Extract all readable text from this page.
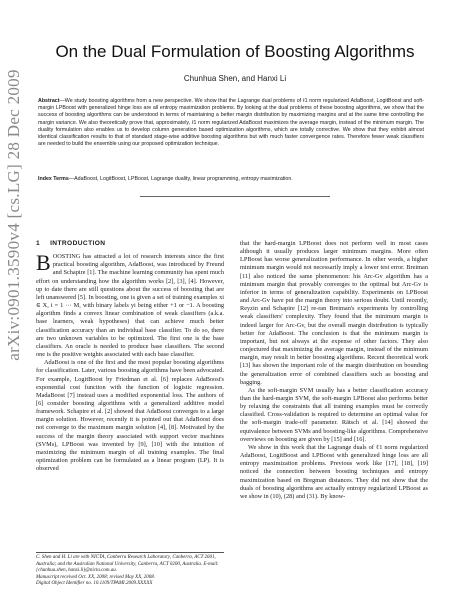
arXiv:0901.3590v4 [cs.LG] 28 Dec 2009
On the Dual Formulation of Boosting Algorithms
Chunhua Shen, and Hanxi Li

Abstract—We study boosting algorithms from a new perspective. We show that the Lagrange dual problems of ℓ1 norm regularized AdaBoost, LogitBoost and soft-margin LPBoost with generalized hinge loss are all entropy maximization problems. By looking at the dual problems of these boosting algorithms, we show that the success of boosting algorithms can be understood in terms of maintaining a better margin distribution by maximizing margins and at the same time controlling the margin variance. We also theoretically prove that, approximately, ℓ1 norm regularized AdaBoost maximizes the average margin, instead of the minimum margin. The duality formulation also enables us to develop column generation based optimization algorithms, which are totally corrective. We show that they exhibit almost identical classification results to that of standard stage-wise additive boosting algorithms but with much faster convergence rates. Therefore fewer weak classifiers are needed to build the ensemble using our proposed optimization technique.

Index Terms—AdaBoost, LogitBoost, LPBoost, Lagrange duality, linear programming, entropy maximization.

1 INTRODUCTION

BOOSTING has attracted a lot of research interests since the first practical boosting algorithm, AdaBoost, was introduced by Freund and Schapire [1]. The machine learning community has spent much effort on understanding how the algorithm works [2], [3], [4]. However, up to date there are still questions about the success of boosting that are left unanswered [5]. In boosting, one is given a set of training examples xi ∈ X, i = 1 ··· M, with binary labels yi being either +1 or −1. A boosting algorithm finds a convex linear combination of weak classifiers (a.k.a. base learners, weak hypotheses) that can achieve much better classification accuracy than an individual base classifier. To do so, there are two unknown variables to be optimized. The first one is the base classifiers. An oracle is needed to produce base classifiers. The second one is the positive weights associated with each base classifier.

AdaBoost is one of the first and the most popular boosting algorithms for classification. Later, various boosting algorithms have been advocated. For example, LogitBoost by Friedman et al. [6] replaces AdaBoost's exponential cost function with the function of logistic regression. MadaBoost [7] instead uses a modified exponential loss. The authors of [6] consider boosting algorithms with a generalized additive model framework. Schapire et al. [2] showed that AdaBoost converges to a large margin solution. However, recently it is pointed out that AdaBoost does not converge to the maximum margin solution [4], [8]. Motivated by the success of the margin theory associated with support vector machines (SVMs), LPBoost was invented by [9], [10] with the intuition of maximizing the minimum margin of all training examples. The final optimization problem can be formulated as a linear program (LP). It is observed

C. Shen and H. Li are with NICTA, Canberra Research Laboratory, Canberra, ACT 2601, Australia; and the Australian National University, Canberra, ACT 0200, Australia. E-mail: {chunhua.shen, hanxi.li}@nicta.com.au.
Manuscript received Oct. XX, 2008; revised May XX, 2008.
Digital Object Identifier no. 10.1109/TPAMI.2009.XXXXX

that the hard-margin LPBoost does not perform well in most cases although it usually produces larger minimum margins. More often LPBoost has worse generalization performance. In other words, a higher minimum margin would not necessarily imply a lower test error. Breiman [11] also noticed the same phenomenon: his Arc-Gv algorithm has a minimum margin that provably converges to the optimal but Arc-Gv is inferior in terms of generalization capability. Experiments on LPBoost and Arc-Gv have put the margin theory into serious doubt. Until recently, Reyzin and Schapire [12] re-ran Breiman's experiments by controlling weak classifiers' complexity. They found that the minimum margin is indeed larger for Arc-Gv, but the overall margin distribution is typically better for AdaBoost. The conclusion is that the minimum margin is important, but not always at the expense of other factors. They also conjectured that maximizing the average margin, instead of the minimum margin, may result in better boosting algorithms. Recent theoretical work [13] has shown the important role of the margin distribution on bounding the generalization error of combined classifiers such as boosting and bagging.

As the soft-margin SVM usually has a better classification accuracy than the hard-margin SVM, the soft-margin LPBoost also performs better by relaxing the constraints that all training examples must be correctly classified. Cross-validation is required to determine an optimal value for the soft-margin trade-off parameter. Rätsch et al. [14] showed the equivalence between SVMs and boosting-like algorithms. Comprehensive overviews on boosting are given by [15] and [16].

We show in this work that the Lagrange duals of ℓ1 norm regularized AdaBoost, LogitBoost and LPBoost with generalized hinge loss are all entropy maximization problems. Previous work like [17], [18], [19] noticed the connection between boosting techniques and entropy maximization based on Bregman distances. They did not show that the duals of boosting algorithms are actually entropy regularized LPBoost as we show in (10), (28) and (31). By know-
